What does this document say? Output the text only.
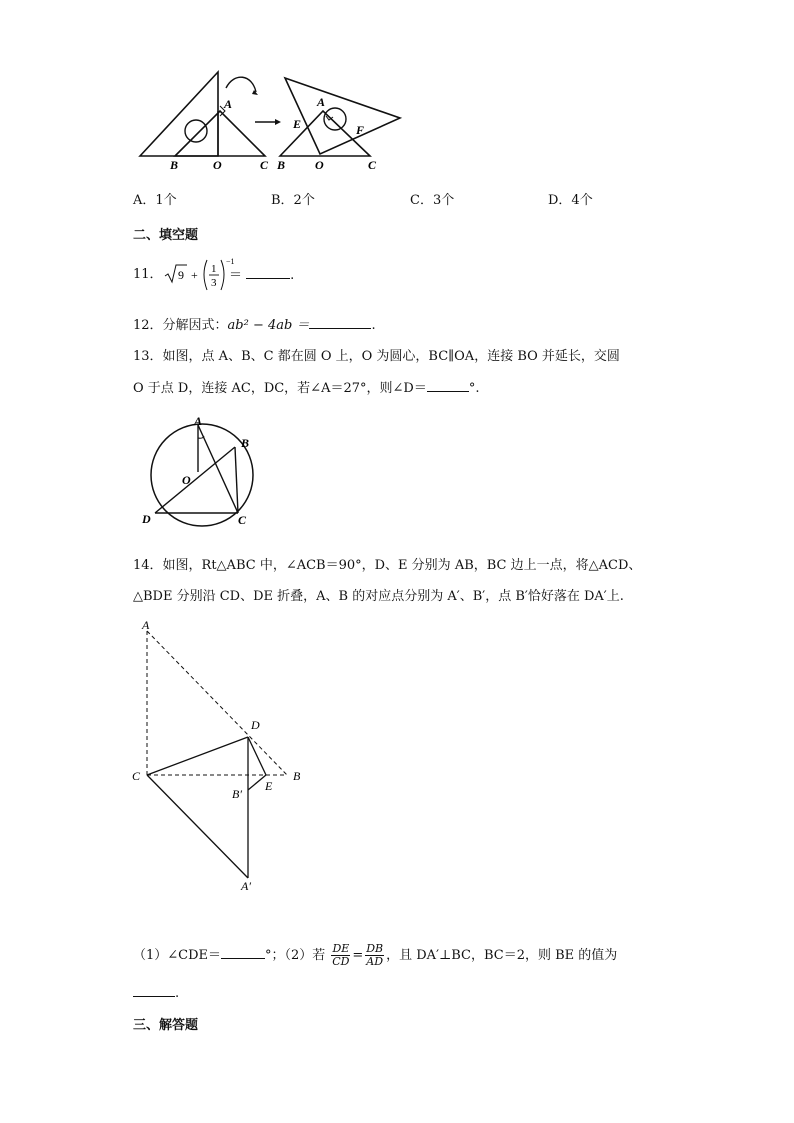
A
B	O	C
A
E	F
B O	C
A．1个	B．2个	C．3个	D．4个
二、填空题
11． 9 + 1
3
−1
＝	.
12．分解因式：ab² − 4ab ＝	.
13．如图，点 A、B、C 都在圆 O 上，O 为圆心，BC∥OA，连接 BO 并延长，交圆
O 于点 D，连接 AC，DC，若∠A＝27°，则∠D＝	°.
A
B
O
D	C
14．如图，Rt△ABC 中，∠ACB＝90°，D、E 分别为 AB，BC 边上一点，将△ACD、
△BDE 分别沿 CD、DE 折叠，A、B 的对应点分别为 A′、B′，点 B′恰好落在 DA′上.
A
D
C	B
B′
E
A′
（1）∠CDE＝	°；（2）若 $\frac{DE}{CD} = \frac{DB}{AD}$ ，且 DA′⊥BC，BC＝2，则 BE 的值为
.
三、解答题
